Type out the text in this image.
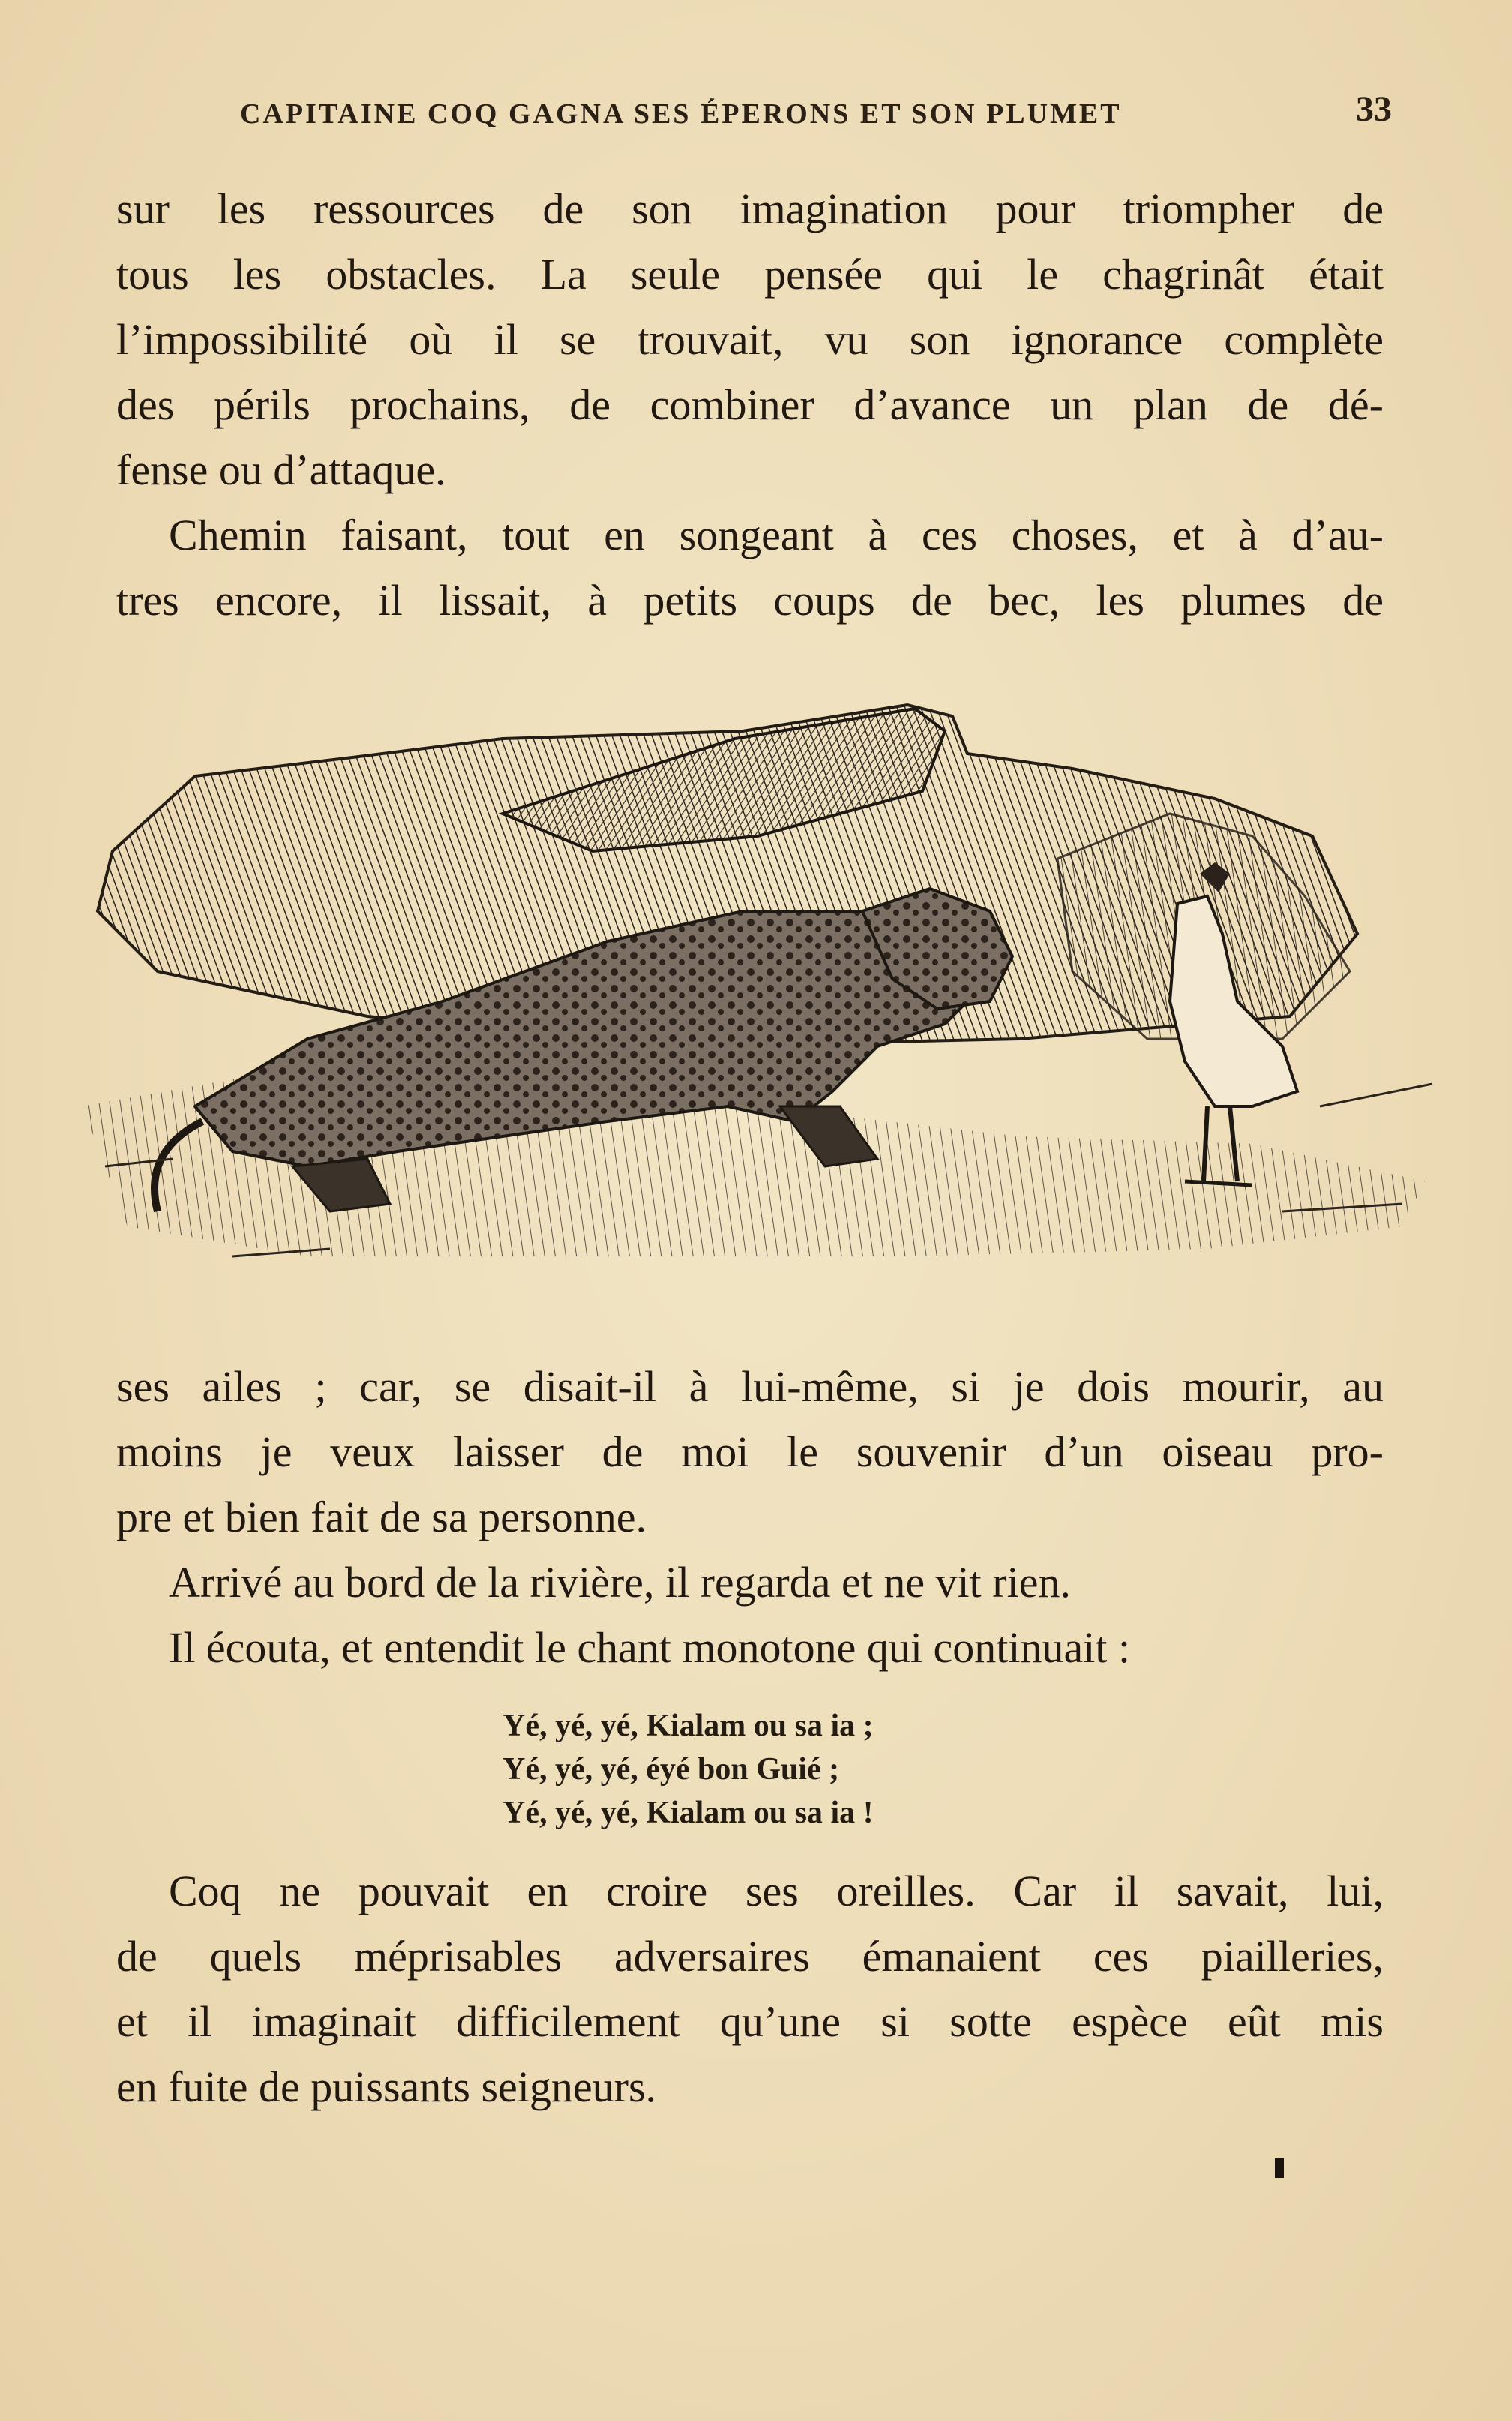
CAPITAINE COQ GAGNA SES ÉPERONS ET SON PLUMET	33
sur les ressources de son imagination pour triompher de
tous les obstacles. La seule pensée qui le chagrinât était
l’impossibilité où il se trouvait, vu son ignorance complète
des périls prochains, de combiner d’avance un plan de dé-
fense ou d’attaque.
Chemin faisant, tout en songeant à ces choses, et à d’au-
tres encore, il lissait, à petits coups de bec, les plumes de
ses ailes ; car, se disait-il à lui-même, si je dois mourir, au
moins je veux laisser de moi le souvenir d’un oiseau pro-
pre et bien fait de sa personne.
Arrivé au bord de la rivière, il regarda et ne vit rien.
Il écouta, et entendit le chant monotone qui continuait :
Yé, yé, yé, Kialam ou sa ia ;
Yé, yé, yé, éyé bon Guié ;
Yé, yé, yé, Kialam ou sa ia !
Coq ne pouvait en croire ses oreilles. Car il savait, lui,
de quels méprisables adversaires émanaient ces piailleries,
et il imaginait difficilement qu’une si sotte espèce eût mis
en fuite de puissants seigneurs.
